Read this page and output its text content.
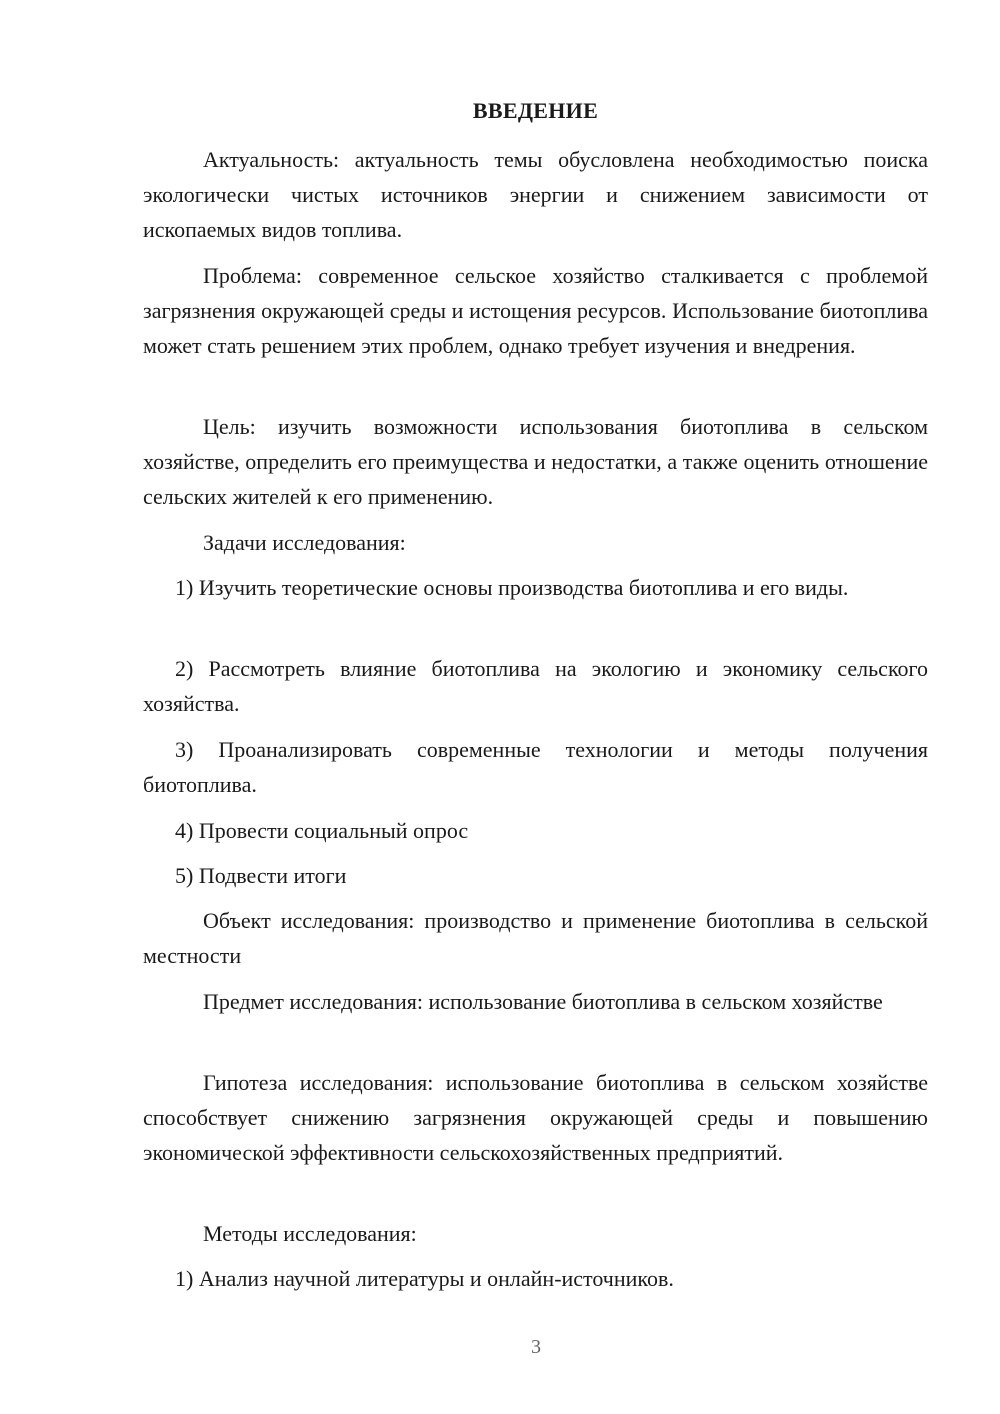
ВВЕДЕНИЕ

Актуальность: актуальность темы обусловлена необходимостью поиска экологически чистых источников энергии и снижением зависимости от ископаемых видов топлива.

Проблема: современное сельское хозяйство сталкивается с проблемой загрязнения окружающей среды и истощения ресурсов. Использование биотоплива может стать решением этих проблем, однако требует изучения и внедрения.

Цель: изучить возможности использования биотоплива в сельском хозяйстве, определить его преимущества и недостатки, а также оценить отношение сельских жителей к его применению.

Задачи исследования:

1) Изучить теоретические основы производства биотоплива и его виды.

2) Рассмотреть влияние биотоплива на экологию и экономику сельского хозяйства.

3) Проанализировать современные технологии и методы получения биотоплива.

4) Провести социальный опрос

5) Подвести итоги

Объект исследования: производство и применение биотоплива в сельской местности

Предмет исследования: использование биотоплива в сельском хозяйстве

Гипотеза исследования: использование биотоплива в сельском хозяйстве способствует снижению загрязнения окружающей среды и повышению экономической эффективности сельскохозяйственных предприятий.

Методы исследования:

1) Анализ научной литературы и онлайн-источников.

3
